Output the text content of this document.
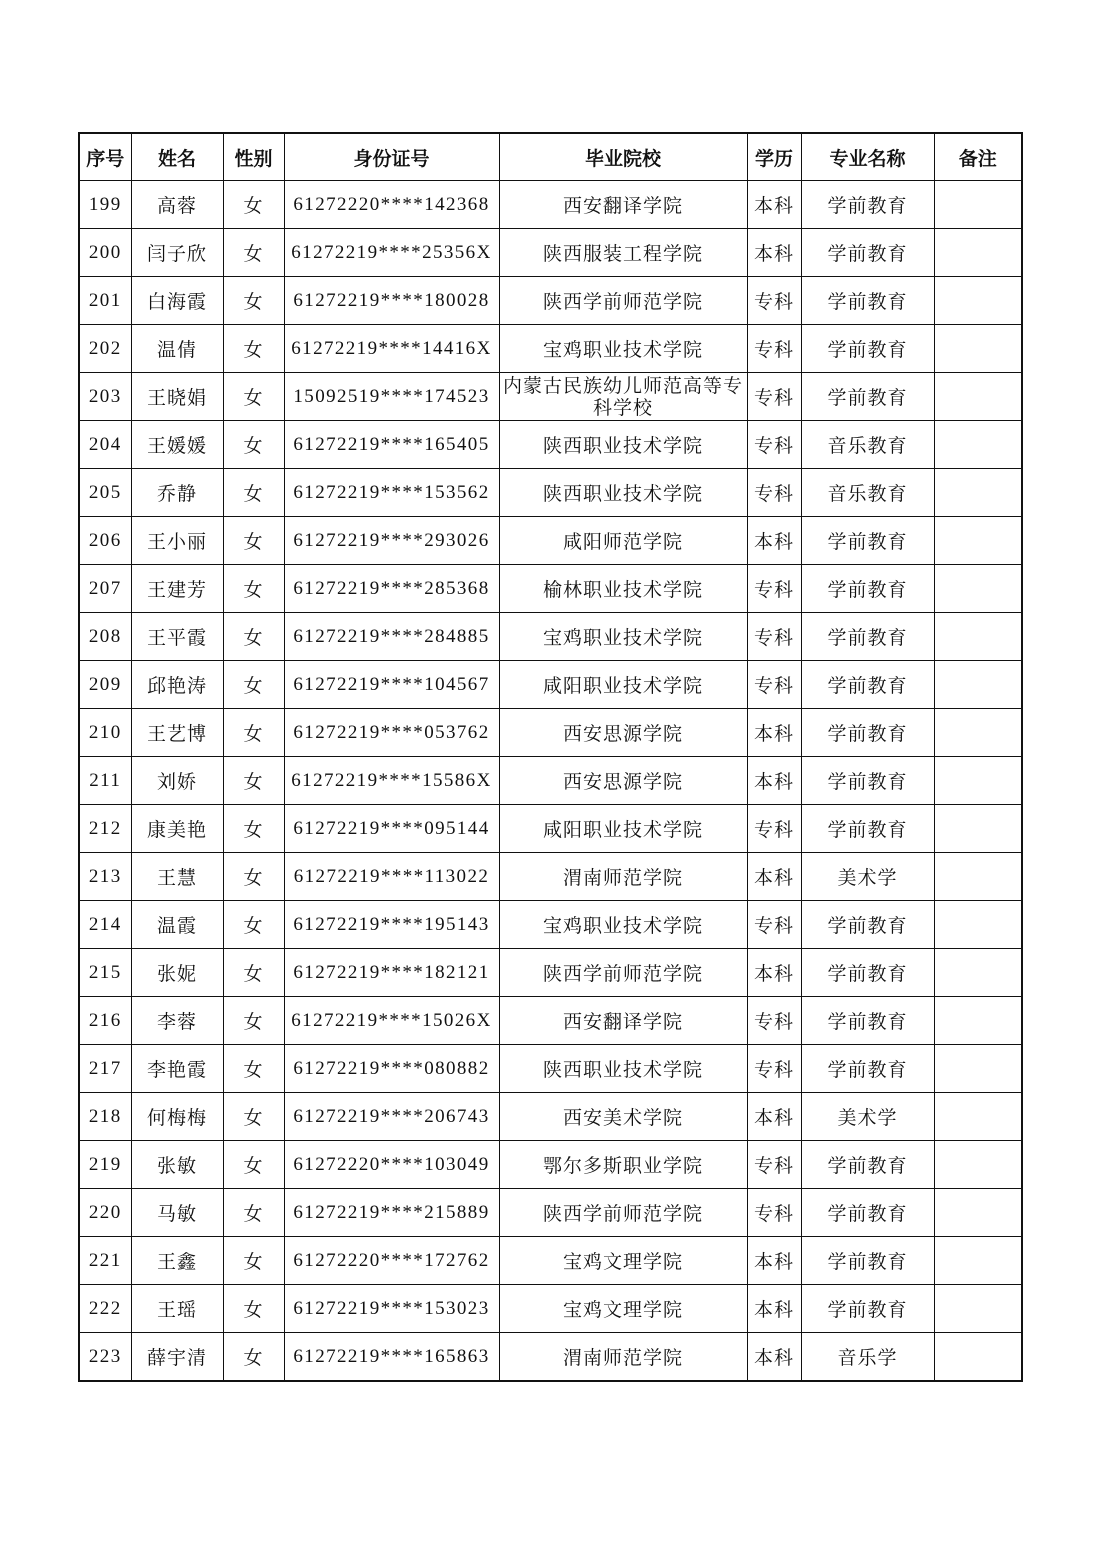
序号	姓名	性别	身份证号	毕业院校	学历	专业名称	备注
199	高蓉	女	61272220****142368	西安翻译学院	本科	学前教育	
200	闫子欣	女	61272219****25356X	陕西服装工程学院	本科	学前教育	
201	白海霞	女	61272219****180028	陕西学前师范学院	专科	学前教育	
202	温倩	女	61272219****14416X	宝鸡职业技术学院	专科	学前教育	
203	王晓娟	女	15092519****174523	内蒙古民族幼儿师范高等专科学校	专科	学前教育	
204	王媛媛	女	61272219****165405	陕西职业技术学院	专科	音乐教育	
205	乔静	女	61272219****153562	陕西职业技术学院	专科	音乐教育	
206	王小丽	女	61272219****293026	咸阳师范学院	本科	学前教育	
207	王建芳	女	61272219****285368	榆林职业技术学院	专科	学前教育	
208	王平霞	女	61272219****284885	宝鸡职业技术学院	专科	学前教育	
209	邱艳涛	女	61272219****104567	咸阳职业技术学院	专科	学前教育	
210	王艺博	女	61272219****053762	西安思源学院	本科	学前教育	
211	刘娇	女	61272219****15586X	西安思源学院	本科	学前教育	
212	康美艳	女	61272219****095144	咸阳职业技术学院	专科	学前教育	
213	王慧	女	61272219****113022	渭南师范学院	本科	美术学	
214	温霞	女	61272219****195143	宝鸡职业技术学院	专科	学前教育	
215	张妮	女	61272219****182121	陕西学前师范学院	本科	学前教育	
216	李蓉	女	61272219****15026X	西安翻译学院	专科	学前教育	
217	李艳霞	女	61272219****080882	陕西职业技术学院	专科	学前教育	
218	何梅梅	女	61272219****206743	西安美术学院	本科	美术学	
219	张敏	女	61272220****103049	鄂尔多斯职业学院	专科	学前教育	
220	马敏	女	61272219****215889	陕西学前师范学院	专科	学前教育	
221	王鑫	女	61272220****172762	宝鸡文理学院	本科	学前教育	
222	王瑶	女	61272219****153023	宝鸡文理学院	本科	学前教育	
223	薛宇清	女	61272219****165863	渭南师范学院	本科	音乐学	
